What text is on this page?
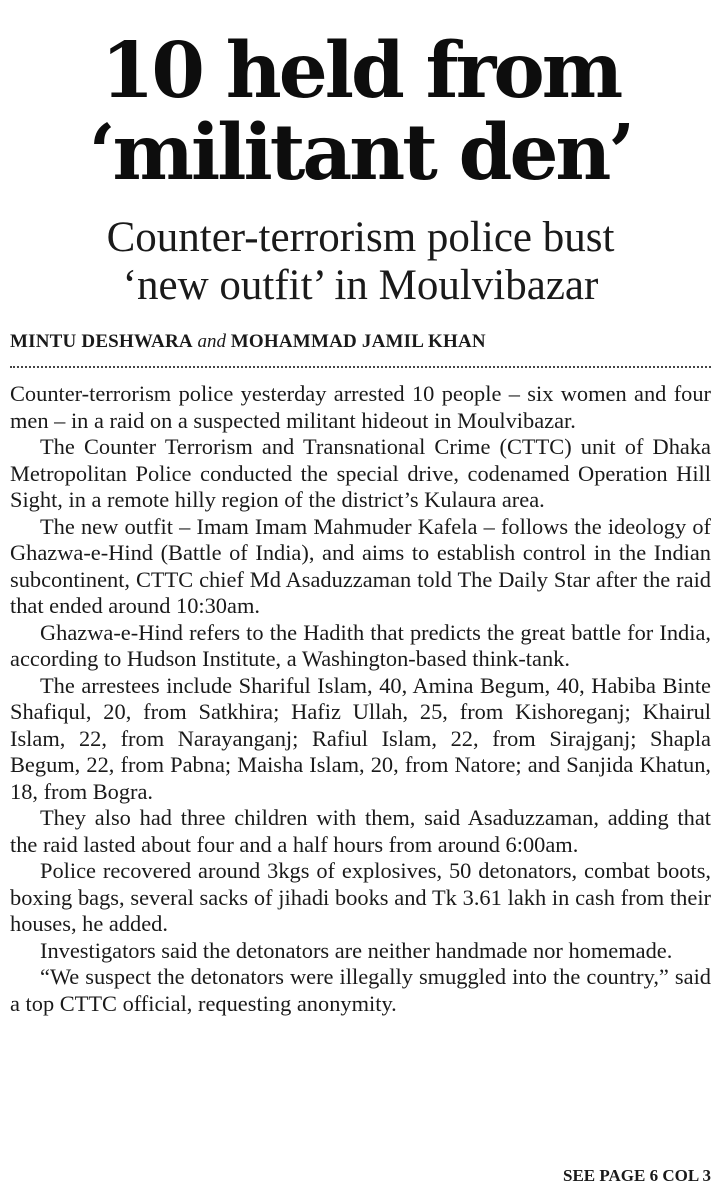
10 held from
‘militant den’
Counter-terrorism police bust
‘new outfit’ in Moulvibazar
MINTU DESHWARA and MOHAMMAD JAMIL KHAN

Counter-terrorism police yesterday arrested 10 people – six women and four men – in a raid on a suspected militant hideout in Moulvibazar.

The Counter Terrorism and Transnational Crime (CTTC) unit of Dhaka Metropolitan Police conducted the special drive, codenamed Operation Hill Sight, in a remote hilly region of the district’s Kulaura area.

The new outfit – Imam Imam Mahmuder Kafela – follows the ideology of Ghazwa-e-Hind (Battle of India), and aims to establish control in the Indian subcontinent, CTTC chief Md Asaduzzaman told The Daily Star after the raid that ended around 10:30am.

Ghazwa-e-Hind refers to the Hadith that predicts the great battle for India, according to Hudson Institute, a Washington-based think-tank.

The arrestees include Shariful Islam, 40, Amina Begum, 40, Habiba Binte Shafiqul, 20, from Satkhira; Hafiz Ullah, 25, from Kishoreganj; Khairul Islam, 22, from Narayanganj; Rafiul Islam, 22, from Sirajganj; Shapla Begum, 22, from Pabna; Maisha Islam, 20, from Natore; and Sanjida Khatun, 18, from Bogra.

They also had three children with them, said Asaduzzaman, adding that the raid lasted about four and a half hours from around 6:00am.

Police recovered around 3kgs of explosives, 50 detonators, combat boots, boxing bags, several sacks of jihadi books and Tk 3.61 lakh in cash from their houses, he added.

Investigators said the detonators are neither handmade nor homemade.

“We suspect the detonators were illegally smuggled into the country,” said a top CTTC official, requesting anonymity.

SEE PAGE 6 COL 3
